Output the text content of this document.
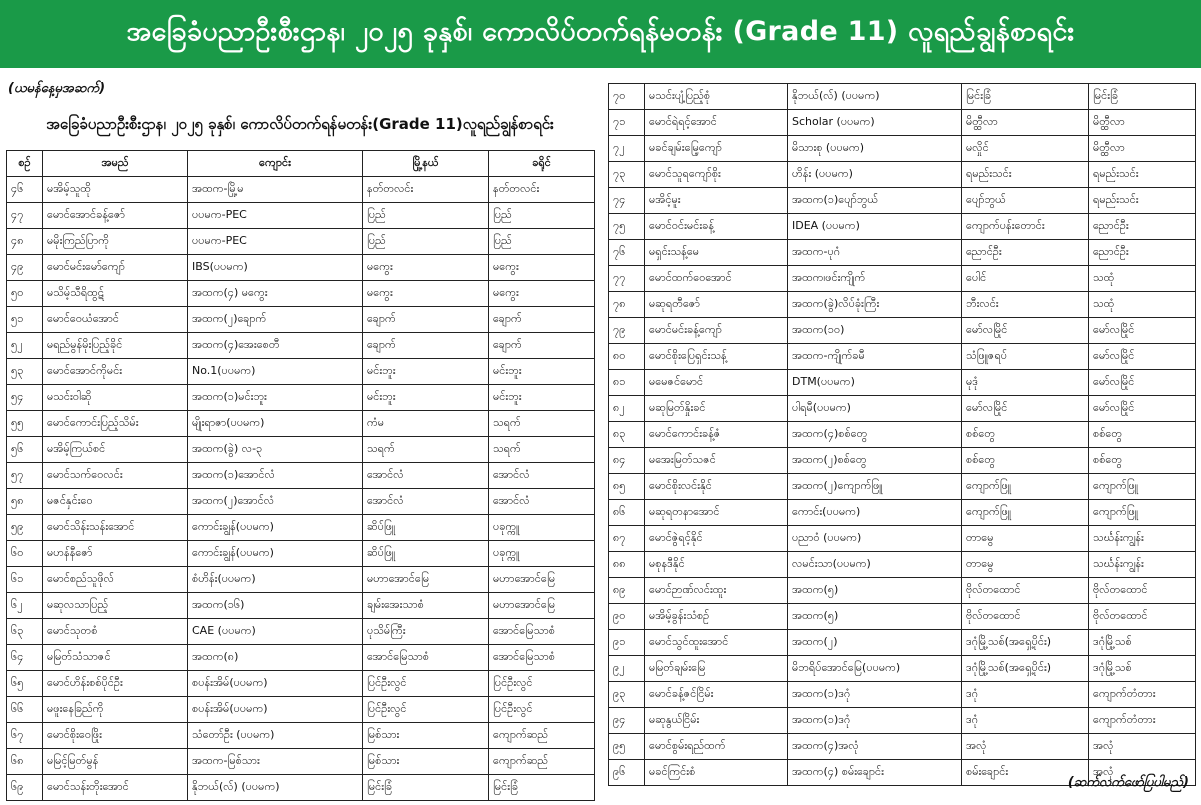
အခြေခံပညာဦးစီးဌာန၊ ၂၀၂၅ ခုနှစ်၊ ကောလိပ်တက်ရန်မတန်း (Grade 11) လူရည်ချွန်စာရင်း
(ယမန်နေ့မှအဆက်)
အခြေခံပညာဦးစီးဌာန၊ ၂၀၂၅ ခုနှစ်၊ ကောလိပ်တက်ရန်မတန်း(Grade 11)လူရည်ချွန်စာရင်း
စဉ်	အမည်	ကျောင်း	မြို့နယ်	ခရိုင်
၄၆	မအိမ့်သူထို	အထက-မြို့မ	နတ်တလင်း	နတ်တလင်း
၄၇	မောင်အောင်ခန့်ဇော်	ပပမက-PEC	ပြည်	ပြည်
၄၈	မမိုးကြည်ပြာကို	ပပမက-PEC	ပြည်	ပြည်
၄၉	မောင်မင်းမော်ကျော်	IBS(ပပမက)	မကွေး	မကွေး
၅၀	မသိမ့်သီရိထွဋ်	အထက(၄) မကွေး	မကွေး	မကွေး
၅၁	မောင်ဝေယံအောင်	အထက(၂)ချောက်	ချောက်	ချောက်
၅၂	မရည်မွန်မိုးပြည့်ခိုင်	အထက(၄)အေးစေတီ	ချောက်	ချောက်
၅၃	မောင်အောင်ကိုမင်း	No.1(ပပမက)	မင်းဘူး	မင်းဘူး
၅၄	မသင်းဝါဆို	အထက(၁)မင်းဘူး	မင်းဘူး	မင်းဘူး
၅၅	မောင်ကောင်းပြည့်သိမ်း	မျိုးရာဇာ(ပပမက)	ကံမ	သရက်
၅၆	မအိမ့်ကြယ်စင်	အထက(ခွဲ) လ-၃	သရက်	သရက်
၅၇	မောင်သက်ဝေလင်း	အထက(၁)အောင်လံ	အောင်လံ	အောင်လံ
၅၈	မဇင်နှင်းဝေ	အထက(၂)အောင်လံ	အောင်လံ	အောင်လံ
၅၉	မောင်သိန်းသန်းအောင်	ကောင်းချွန်(ပပမက)	ဆိပ်ဖြူ	ပခုက္ကူ
၆၀	မဟန်နီဇော်	ကောင်းချွန်(ပပမက)	ဆိပ်ဖြူ	ပခုက္ကူ
၆၁	မောင်စည်သူဖိုလ်	စံဟိန်း(ပပမက)	မဟာအောင်မြေ	မဟာအောင်မြေ
၆၂	မဆုလသာပြည့်	အထက(၁၆)	ချမ်းအေးသာစံ	မဟာအောင်မြေ
၆၃	မောင်သုတစံ	CAE (ပပမက)	ပုသိမ်ကြီး	အောင်မြေသာစံ
၆၄	မမြတ်သံသာဇင်	အထက(၈)	အောင်မြေသာစံ	အောင်မြေသာစံ
၆၅	မောင်ဟိန်းစစ်ပိုင်ဦး	စပန်းအိမ်(ပပမက)	ပြင်ဦးလွင်	ပြင်ဦးလွင်
၆၆	မဖူးနေခြည်ကို	စပန်းအိမ်(ပပမက)	ပြင်ဦးလွင်	ပြင်ဦးလွင်
၆၇	မောင်စိုးဝေဖြိုး	သံတော်ဦး (ပပမက)	မြစ်သား	ကျောက်ဆည်
၆၈	မမြင့်မြတ်မွန်	အထက-မြစ်သား	မြစ်သား	ကျောက်ဆည်
၆၉	မောင်သန်းတိုးအောင်	နိုဘယ်(လ်) (ပပမက)	မြင်းခြံ	မြင်းခြံ
၇၀	မသင်းပျံ့ပြည့်စုံ	နိုဘယ်(လ်) (ပပမက)	မြင်းခြံ	မြင်းခြံ
၇၁	မောင်ရဲရင့်အောင်	Scholar (ပပမက)	မိတ္ထီလာ	မိတ္ထီလာ
၇၂	မခင်ချမ်းမြေ့ကျော်	မိသားစု (ပပမက)	မလှိုင်	မိတ္ထီလာ
၇၃	မောင်သူရကျော်စိုး	ဟိန်း (ပပမက)	ရမည်းသင်း	ရမည်းသင်း
၇၄	မအိင့်မူး	အထက(၁)ပျော်ဘွယ်	ပျော်ဘွယ်	ရမည်းသင်း
၇၅	မောင်ဝင်းမင်းခန့်	IDEA (ပပမက)	ကျောက်ပန်းတောင်း	ညောင်ဦး
၇၆	မရှင်းသန့်မေ	အထက-ပုဂံ	ညောင်ဦး	ညောင်ဦး
၇၇	မောင်ထက်ဝေအောင်	အထက၊ဖင်းကျိုက်	ပေါင်	သထုံ
၇၈	မဆုရတီဇော်	အထက(ခွဲ)လိပ်ခုံးကြီး	ဘီးလင်း	သထုံ
၇၉	မောင်မင်းခန့်ကျော်	အထက(၁၀)	မော်လမြိုင်	မော်လမြိုင်
၈၀	မောင်စိုးပြေရှင်းသန့်	အထက-ကျိုက်ခမီ	သံဖြူဇရပ်	မော်လမြိုင်
၈၁	မမေဇင်မောင်	DTM(ပပမက)	မုဒုံ	မော်လမြိုင်
၈၂	မဆုမြတ်နှိုးခင်	ပါရမီ(ပပမက)	မော်လမြိုင်	မော်လမြိုင်
၈၃	မောင်ကောင်းခန့်ဇံ	အထက(၄)စစ်တွေ	စစ်တွေ	စစ်တွေ
၈၄	မအေးမြတ်သဇင်	အထက(၂)စစ်တွေ	စစ်တွေ	စစ်တွေ
၈၅	မောင်စိုးလင်းနိုင်	အထက(၂)ကျောက်ဖြူ	ကျောက်ဖြူ	ကျောက်ဖြူ
၈၆	မဆုရတနာအောင်	ကောင်း(ပပမက)	ကျောက်ဖြူ	ကျောက်ဖြူ
၈၇	မောင်ဇွဲရင့်နိုင်	ပညာဝံ (ပပမက)	တာမွေ	သင်္ဃန်းကျွန်း
၈၈	မစုနဒီနိုင်	လမင်းသာ(ပပမက)	တာမွေ	သင်္ဃန်းကျွန်း
၈၉	မောင်ဉာဏ်လင်းထူး	အထက(၅)	ဗိုလ်တထောင်	ဗိုလ်တထောင်
၉၀	မအိမ့်ခွန်းသံစဉ်	အထက(၅)	ဗိုလ်တထောင်	ဗိုလ်တထောင်
၉၁	မောင်သွင်ထူးအောင်	အထက(၂)	ဒဂုံမြို့သစ်(အရှေ့ပိုင်း)	ဒဂုံမြို့သစ်
၉၂	မမြတ်ချမ်းမြေ	မိဘရိပ်အောင်မြေ(ပပမက)	ဒဂုံမြို့သစ်(အရှေ့ပိုင်း)	ဒဂုံမြို့သစ်
၉၃	မောင်ခန့်ဇင်ငြိမ်း	အထက(၁)ဒဂုံ	ဒဂုံ	ကျောက်တံတား
၉၄	မဆုနွယ်ငြိမ်း	အထက(၁)ဒဂုံ	ဒဂုံ	ကျောက်တံတား
၉၅	မောင်စွမ်းရည်ထက်	အထက(၄)အလုံ	အလုံ	အလုံ
၉၆	မခင်ကြင်းစံ	အထက(၄) စမ်းချောင်း	စမ်းချောင်း	အလုံ
(ဆက်လက်ဖော်ပြပါမည်)
